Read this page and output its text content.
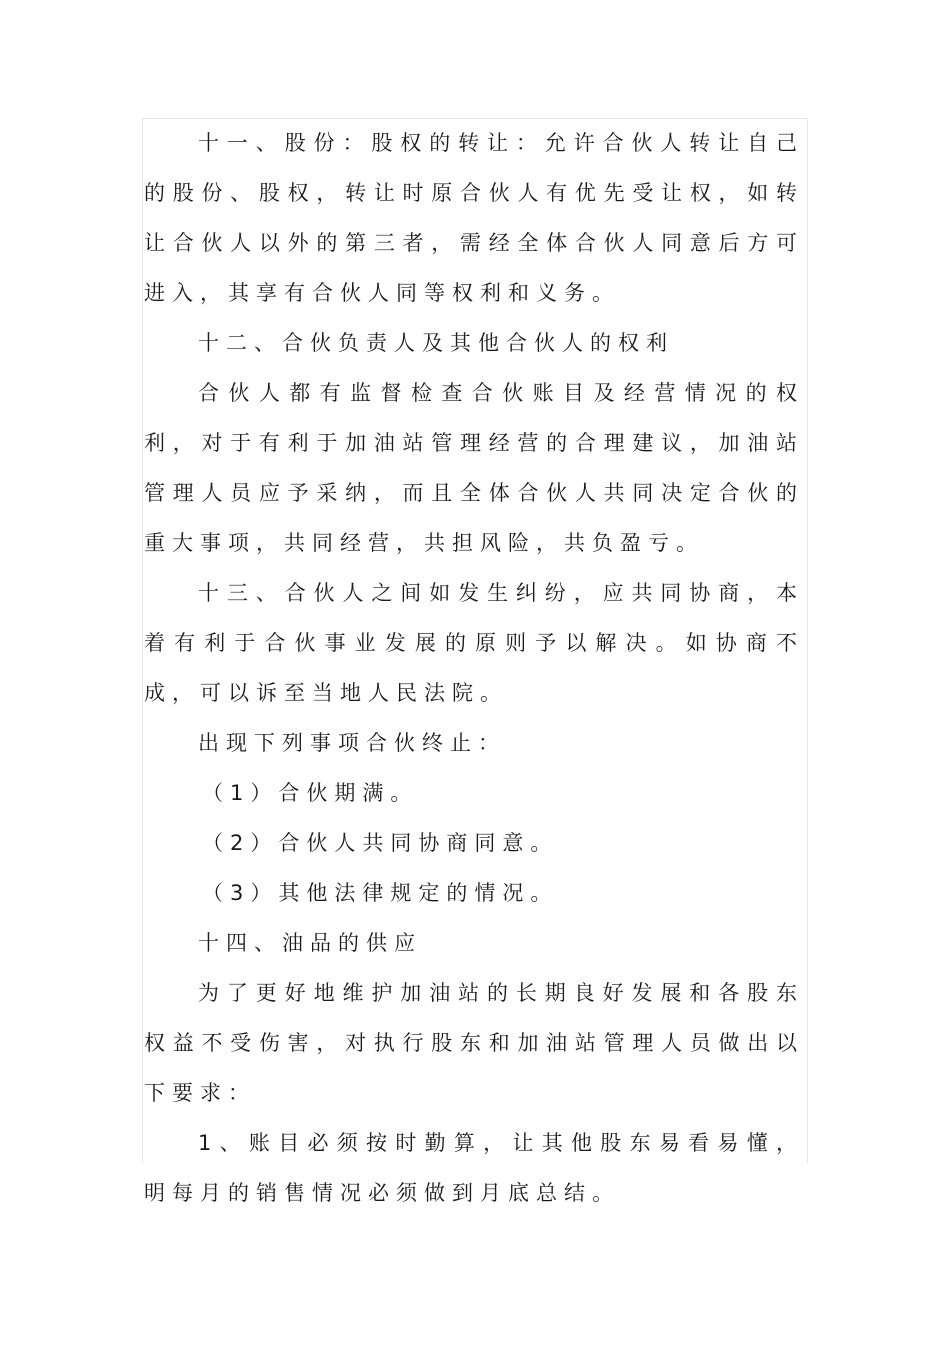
十一、股份：股权的转让：允许合伙人转让自己的股份、股权，转让时原合伙人有优先受让权，如转让合伙人以外的第三者，需经全体合伙人同意后方可进入，其享有合伙人同等权利和义务。

十二、合伙负责人及其他合伙人的权利

合伙人都有监督检查合伙账目及经营情况的权利，对于有利于加油站管理经营的合理建议，加油站管理人员应予采纳，而且全体合伙人共同决定合伙的重大事项，共同经营，共担风险，共负盈亏。

十三、合伙人之间如发生纠纷，应共同协商，本着有利于合伙事业发展的原则予以解决。如协商不成，可以诉至当地人民法院。

出现下列事项合伙终止：

（1）合伙期满。

（2）合伙人共同协商同意。

（3）其他法律规定的情况。

十四、油品的供应

为了更好地维护加油站的长期良好发展和各股东权益不受伤害，对执行股东和加油站管理人员做出以下要求：

1、账目必须按时勤算，让其他股东易看易懂，明每月的销售情况必须做到月底总结。
